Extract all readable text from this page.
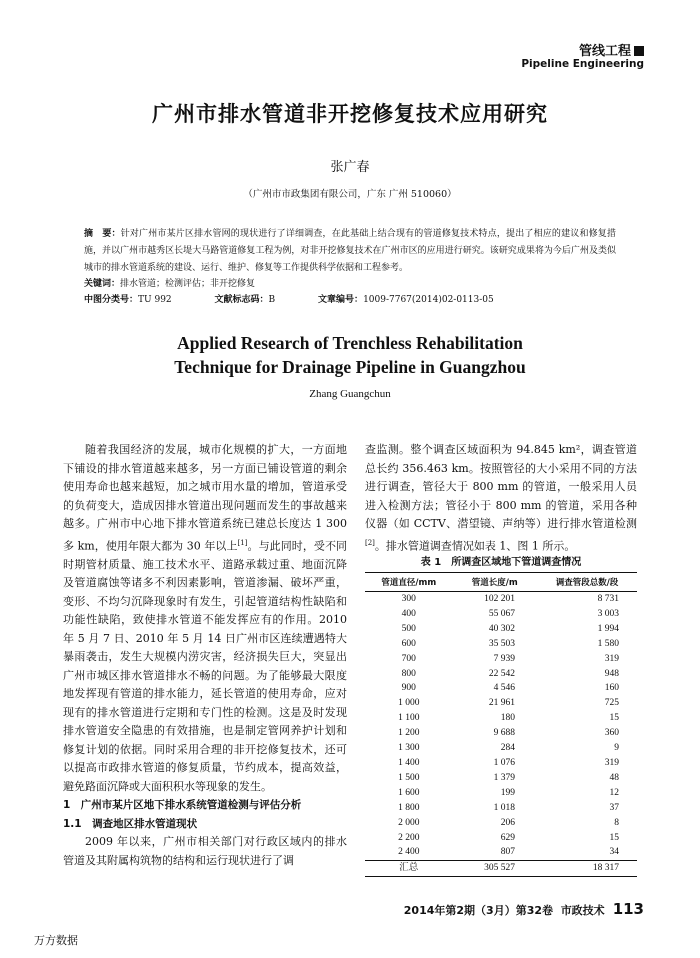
管线工程
Pipeline Engineering
广州市排水管道非开挖修复技术应用研究
张广春
（广州市市政集团有限公司，广东 广州 510060）
摘　要：针对广州市某片区排水管网的现状进行了详细调查，在此基础上结合现有的管道修复技术特点，提出了相应的建议和修复措施，并以广州市越秀区长堤大马路管道修复工程为例，对非开挖修复技术在广州市区的应用进行研究。该研究成果将为今后广州及类似城市的排水管道系统的建设、运行、维护、修复等工作提供科学依据和工程参考。
关键词：排水管道；检测评估；非开挖修复
中图分类号：TU 992	文献标志码：B	文章编号：1009-7767(2014)02-0113-05
Applied Research of Trenchless Rehabilitation Technique for Drainage Pipeline in Guangzhou
Zhang Guangchun

随着我国经济的发展，城市化规模的扩大，一方面地下铺设的排水管道越来越多，另一方面已铺设管道的剩余使用寿命也越来越短，加之城市用水量的增加，管道承受的负荷变大，造成因排水管道出现问题而发生的事故越来越多。广州市中心地下排水管道系统已建总长度达 1 300 多 km，使用年限大都为 30 年以上[1]。与此同时，受不同时期管材质量、施工技术水平、道路承载过重、地面沉降及管道腐蚀等诸多不利因素影响，管道渗漏、破坏严重，变形、不均匀沉降现象时有发生，引起管道结构性缺陷和功能性缺陷，致使排水管道不能发挥应有的作用。2010 年 5 月 7 日、2010 年 5 月 14 日广州市区连续遭遇特大暴雨袭击，发生大规模内涝灾害，经济损失巨大，突显出广州市城区排水管道排水不畅的问题。为了能够最大限度地发挥现有管道的排水能力，延长管道的使用寿命，应对现有的排水管道进行定期和专门性的检测。这是及时发现排水管道安全隐患的有效措施，也是制定管网养护计划和修复计划的依据。同时采用合理的非开挖修复技术，还可以提高市政排水管道的修复质量，节约成本，提高效益，避免路面沉降或大面积积水等现象的发生。

1　广州市某片区地下排水系统管道检测与评估分析
1.1　调查地区排水管道现状

2009 年以来，广州市相关部门对行政区域内的排水管道及其附属构筑物的结构和运行现状进行了调

查监测。整个调查区域面积为 94.845 km²，调查管道总长约 356.463 km。按照管径的大小采用不同的方法进行调查，管径大于 800 mm 的管道，一般采用人员进入检测方法；管径小于 800 mm 的管道，采用各种仪器（如 CCTV、潜望镜、声纳等）进行排水管道检测[2]。排水管道调查情况如表 1、图 1 所示。

表 1　所调查区域地下管道调查情况
管道直径/mm	管道长度/m	调查管段总数/段
300	102 201	8 731
400	55 067	3 003
500	40 302	1 994
600	35 503	1 580
700	7 939	319
800	22 542	948
900	4 546	160
1 000	21 961	725
1 100	180	15
1 200	9 688	360
1 300	284	9
1 400	1 076	319
1 500	1 379	48
1 600	199	12
1 800	1 018	37
2 000	206	8
2 200	629	15
2 400	807	34
汇总	305 527	18 317
2014年第2期（3月）第32卷 市政技术 113
万方数据
